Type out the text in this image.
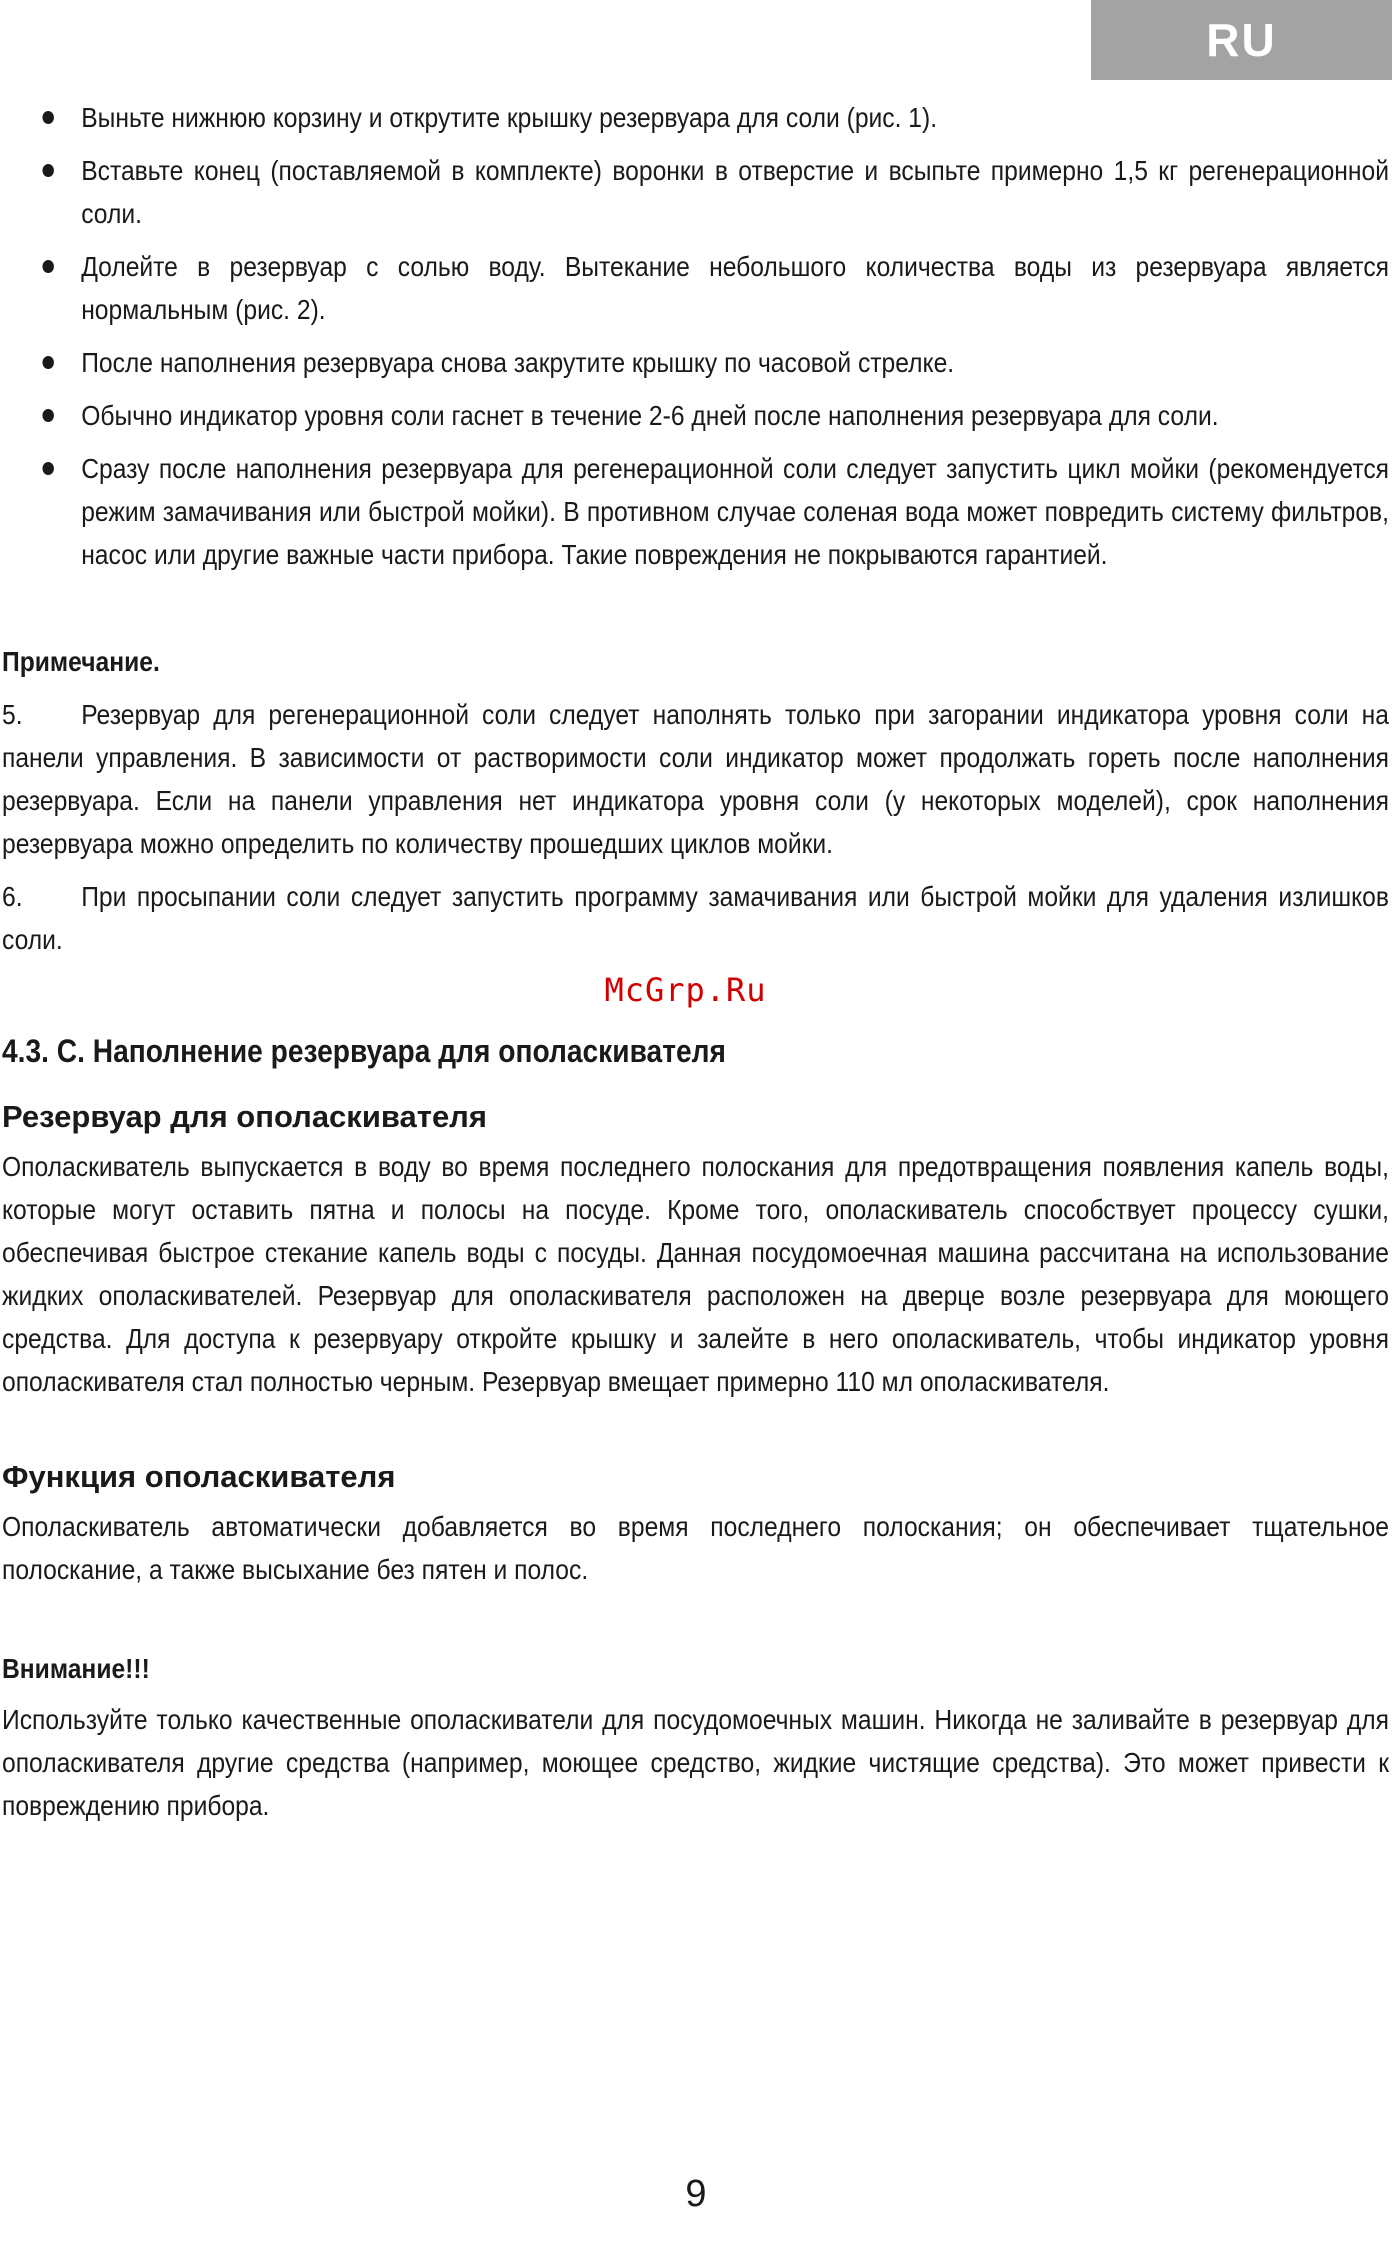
RU
Выньте нижнюю корзину и открутите крышку резервуара для соли (рис. 1).
Вставьте конец (поставляемой в комплекте) воронки в отверстие и всыпьте примерно 1,5 кг регенерационной соли.
Долейте в резервуар с солью воду. Вытекание небольшого количества воды из резервуара является нормальным (рис. 2).
После наполнения резервуара снова закрутите крышку по часовой стрелке.
Обычно индикатор уровня соли гаснет в течение 2-6 дней после наполнения резервуара для соли.
Сразу после наполнения резервуара для регенерационной соли следует запустить цикл мойки (рекомендуется режим замачивания или быстрой мойки). В противном случае соленая вода может повредить систему фильтров, насос или другие важные части прибора. Такие повреждения не покрываются гарантией.
Примечание.

5. Резервуар для регенерационной соли следует наполнять только при загорании индикатора уровня соли на панели управления. В зависимости от растворимости соли индикатор может продолжать гореть после наполнения резервуара. Если на панели управления нет индикатора уровня соли (у некоторых моделей), срок наполнения резервуара можно определить по количеству прошедших циклов мойки.

6. При просыпании соли следует запустить программу замачивания или быстрой мойки для удаления излишков соли.

McGrp.Ru
4.3. C. Наполнение резервуара для ополаскивателя
Резервуар для ополаскивателя

Ополаскиватель выпускается в воду во время последнего полоскания для предотвращения появления капель воды, которые могут оставить пятна и полосы на посуде. Кроме того, ополаскиватель способствует процессу сушки, обеспечивая быстрое стекание капель воды с посуды. Данная посудомоечная машина рассчитана на использование жидких ополаскивателей. Резервуар для ополаскивателя расположен на дверце возле резервуара для моющего средства. Для доступа к резервуару откройте крышку и залейте в него ополаскиватель, чтобы индикатор уровня ополаскивателя стал полностью черным. Резервуар вмещает примерно 110 мл ополаскивателя.

Функция ополаскивателя

Ополаскиватель автоматически добавляется во время последнего полоскания; он обеспечивает тщательное полоскание, а также высыхание без пятен и полос.

Внимание!!!

Используйте только качественные ополаскиватели для посудомоечных машин. Никогда не заливайте в резервуар для ополаскивателя другие средства (например, моющее средство, жидкие чистящие средства). Это может привести к повреждению прибора.

9
